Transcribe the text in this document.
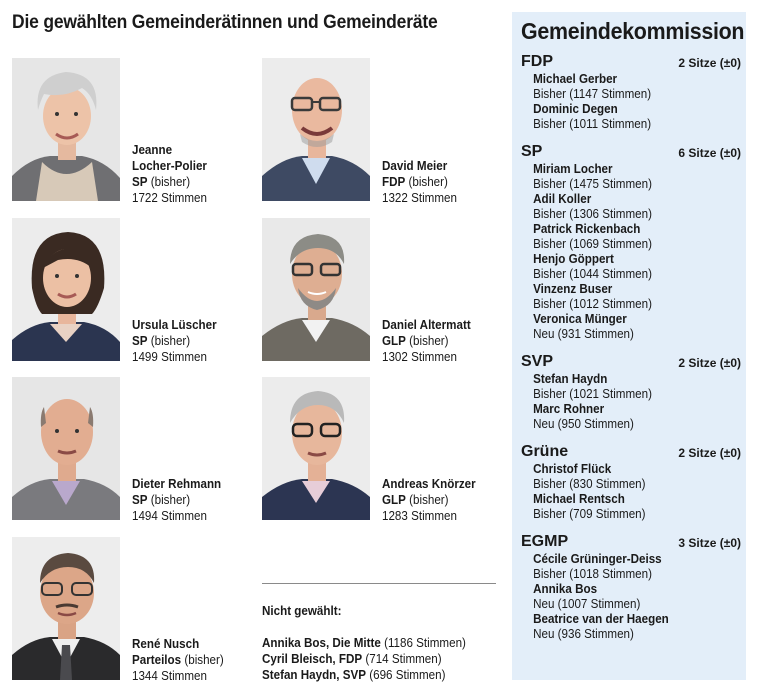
Die gewählten Gemeinderätinnen und Gemeinderäte
Jeanne
Locher-Polier
SP (bisher)
1722 Stimmen
David Meier
FDP (bisher)
1322 Stimmen
Ursula Lüscher
SP (bisher)
1499 Stimmen
Daniel Altermatt
GLP (bisher)
1302 Stimmen
Dieter Rehmann
SP (bisher)
1494 Stimmen
Andreas Knörzer
GLP (bisher)
1283 Stimmen
René Nusch
Parteilos (bisher)
1344 Stimmen
Nicht gewählt:
Annika Bos, Die Mitte (1186 Stimmen)
Cyril Bleisch, FDP (714 Stimmen)
Stefan Haydn, SVP (696 Stimmen)
Gemeindekommission
FDP	2 Sitze (±0)
Michael Gerber
Bisher (1147 Stimmen)
Dominic Degen
Bisher (1011 Stimmen)
SP	6 Sitze (±0)
Miriam Locher
Bisher (1475 Stimmen)
Adil Koller
Bisher (1306 Stimmen)
Patrick Rickenbach
Bisher (1069 Stimmen)
Henjo Göppert
Bisher (1044 Stimmen)
Vinzenz Buser
Bisher (1012 Stimmen)
Veronica Münger
Neu (931 Stimmen)
SVP	2 Sitze (±0)
Stefan Haydn
Bisher (1021 Stimmen)
Marc Rohner
Neu (950 Stimmen)
Grüne	2 Sitze (±0)
Christof Flück
Bisher (830 Stimmen)
Michael Rentsch
Bisher (709 Stimmen)
EGMP	3 Sitze (±0)
Cécile Grüninger-Deiss
Bisher (1018 Stimmen)
Annika Bos
Neu (1007 Stimmen)
Beatrice van der Haegen
Neu (936 Stimmen)
